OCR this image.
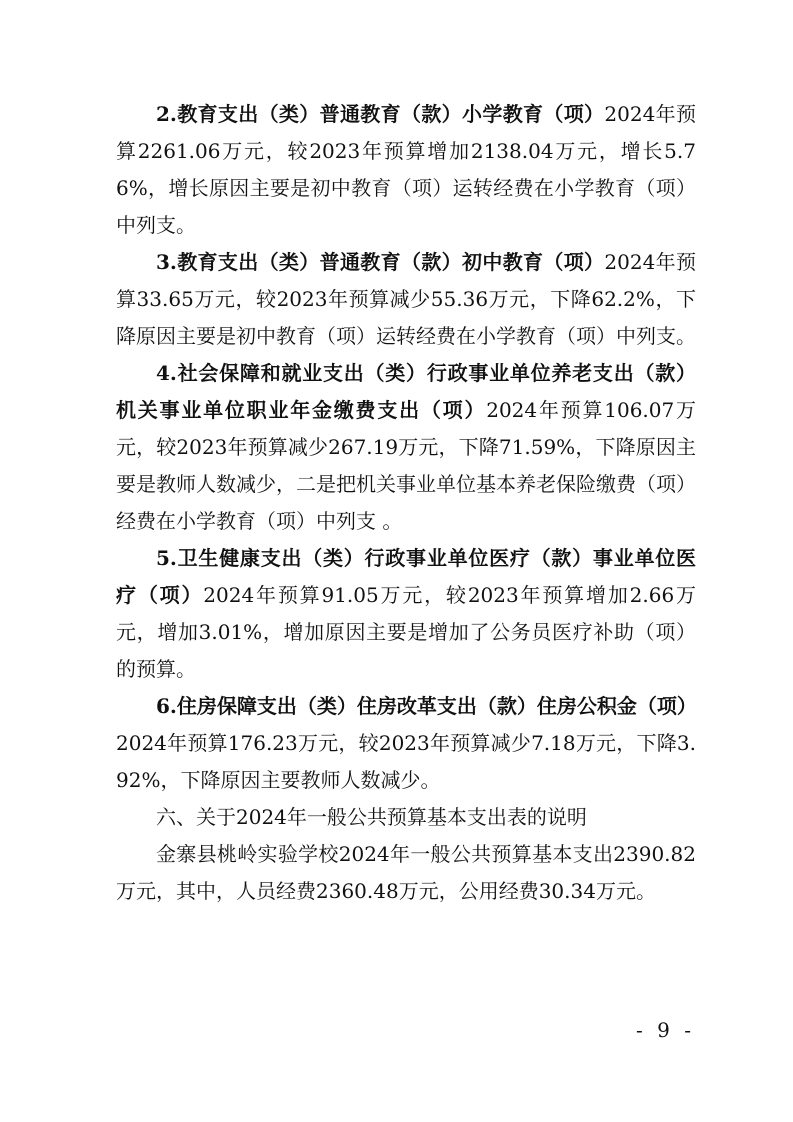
2.教育支出（类）普通教育（款）小学教育（项）2024年预算2261.06万元，较2023年预算增加2138.04万元，增长5.76%，增长原因主要是初中教育（项）运转经费在小学教育（项）中列支。

3.教育支出（类）普通教育（款）初中教育（项）2024年预算33.65万元，较2023年预算减少55.36万元，下降62.2%，下降原因主要是初中教育（项）运转经费在小学教育（项）中列支。

4.社会保障和就业支出（类）行政事业单位养老支出（款）机关事业单位职业年金缴费支出（项）2024年预算106.07万元，较2023年预算减少267.19万元，下降71.59%，下降原因主要是教师人数减少，二是把机关事业单位基本养老保险缴费（项）经费在小学教育（项）中列支 。

5.卫生健康支出（类）行政事业单位医疗（款）事业单位医疗（项）2024年预算91.05万元，较2023年预算增加2.66万元，增加3.01%，增加原因主要是增加了公务员医疗补助（项）的预算。

6.住房保障支出（类）住房改革支出（款）住房公积金（项）2024年预算176.23万元，较2023年预算减少7.18万元，下降3.92%，下降原因主要教师人数减少。

六、关于2024年一般公共预算基本支出表的说明

金寨县桃岭实验学校2024年一般公共预算基本支出2390.82万元，其中，人员经费2360.48万元，公用经费30.34万元。

- 9 -
